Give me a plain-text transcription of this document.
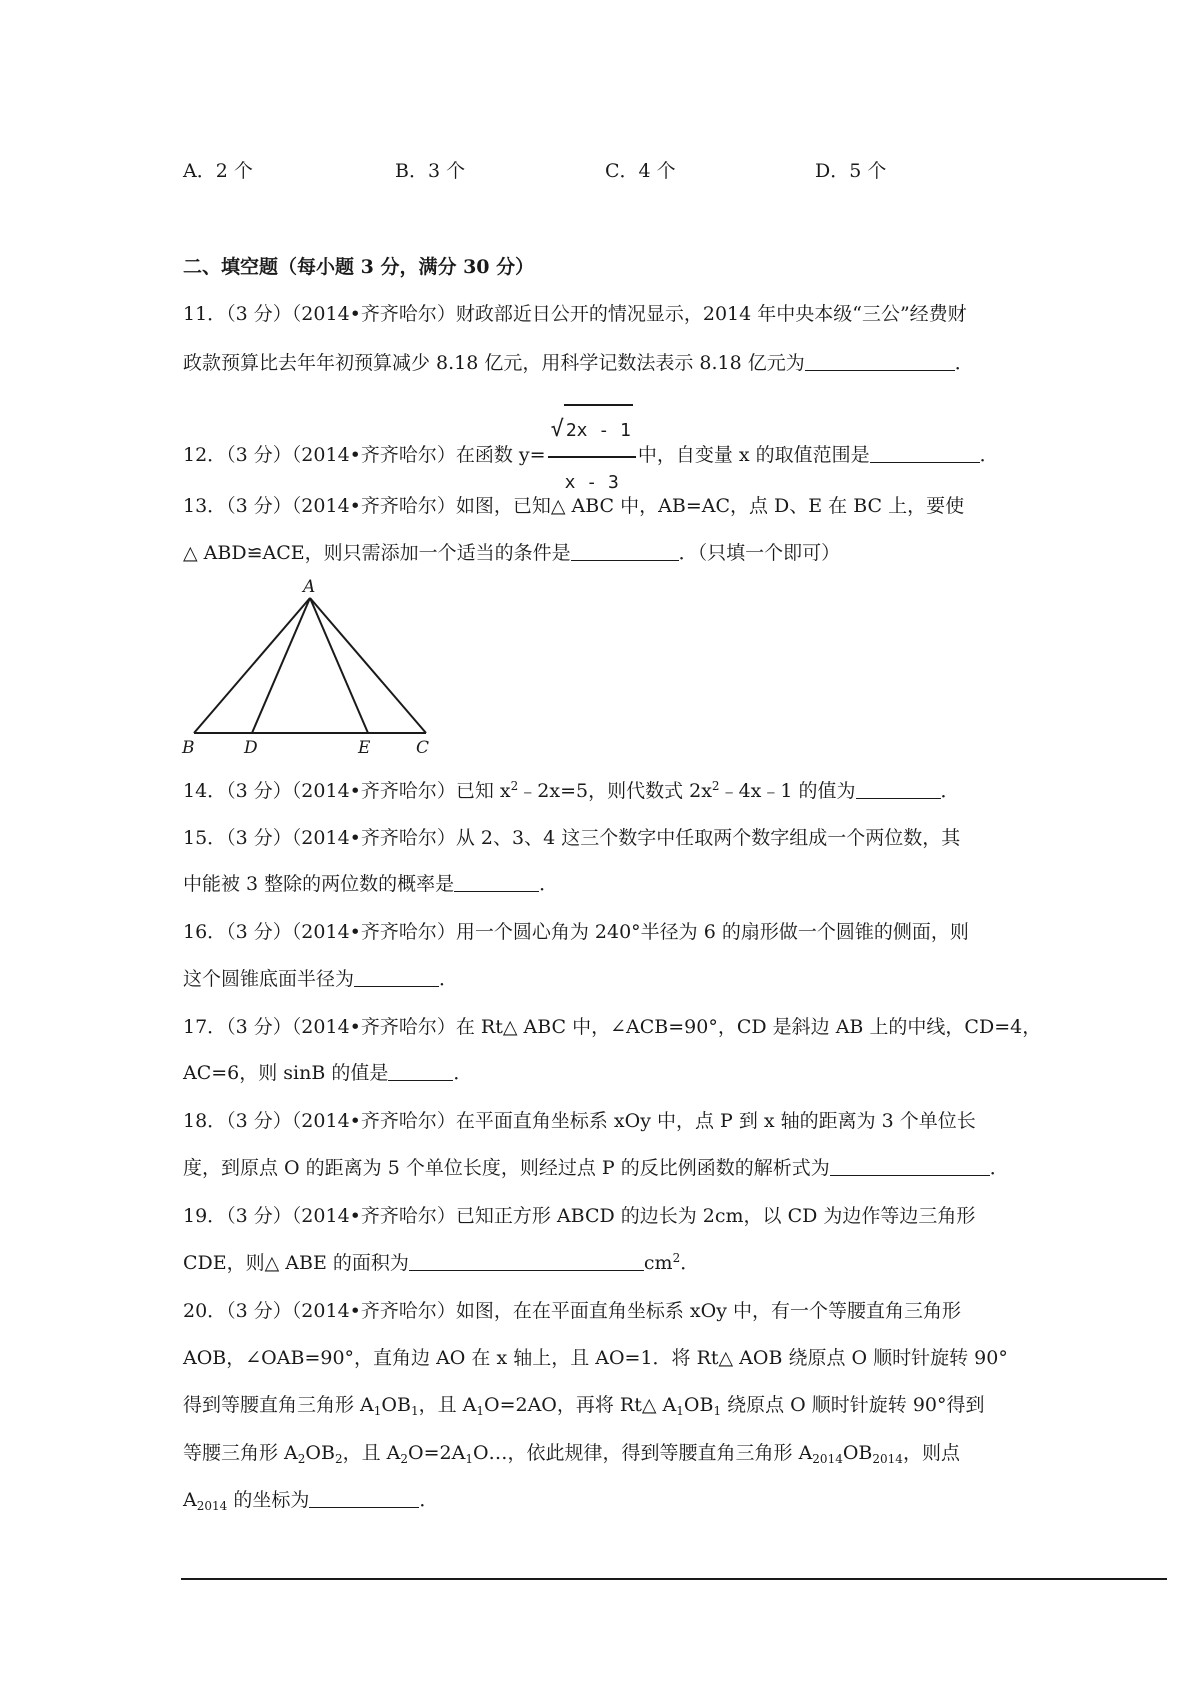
A．2 个	B．3 个	C．4 个	D．5 个
二、填空题（每小题 3 分，满分 30 分）
11．（3 分）（2014•齐齐哈尔）财政部近日公开的情况显示，2014 年中央本级“三公”经费财
政款预算比去年年初预算减少 8.18 亿元，用科学记数法表示 8.18 亿元为	．
12．（3 分）（2014•齐齐哈尔）在函数 $y= \frac{√ 2x - 1}{x - 3}$ 中，自变量 x 的取值范围是	．
13．（3 分）（2014•齐齐哈尔）如图，已知△ ABC 中，AB=AC，点 D、E 在 BC 上，要使
△ ABD≌ACE，则只需添加一个适当的条件是	．（只填一个即可）
A
B	D	E	C
14．（3 分）（2014•齐齐哈尔）已知 $x^2﹣2x=5$，则代数式 $2x^2﹣4x﹣1$ 的值为	．
15．（3 分）（2014•齐齐哈尔）从 2、3、4 这三个数字中任取两个数字组成一个两位数，其
中能被 3 整除的两位数的概率是	．
16．（3 分）（2014•齐齐哈尔）用一个圆心角为 240°半径为 6 的扇形做一个圆锥的侧面，则
这个圆锥底面半径为	．
17．（3 分）（2014•齐齐哈尔）在 Rt△ ABC 中，∠ACB=90°，CD 是斜边 AB 上的中线，CD=4，
AC=6，则 sinB 的值是	．
18．（3 分）（2014•齐齐哈尔）在平面直角坐标系 xOy 中，点 P 到 x 轴的距离为 3 个单位长
度，到原点 O 的距离为 5 个单位长度，则经过点 P 的反比例函数的解析式为	．
19．（3 分）（2014•齐齐哈尔）已知正方形 ABCD 的边长为 2cm，以 CD 为边作等边三角形
CDE，则△ ABE 的面积为	$cm^2$．
20．（3 分）（2014•齐齐哈尔）如图，在在平面直角坐标系 xOy 中，有一个等腰直角三角形
AOB，∠OAB=90°，直角边 AO 在 x 轴上，且 AO=1．将 Rt△ AOB 绕原点 O 顺时针旋转 90°
得到等腰直角三角形 $A_1OB_1$，且 $A_1O=2AO$，再将 Rt△ $A_1OB_1$ 绕原点 O 顺时针旋转 90°得到
等腰三角形 $A_2OB_2$，且 $A_2O=2A_1O\dots$，依此规律，得到等腰直角三角形 $A_{2014}OB_{2014}$，则点
$A_{2014}$ 的坐标为	．
